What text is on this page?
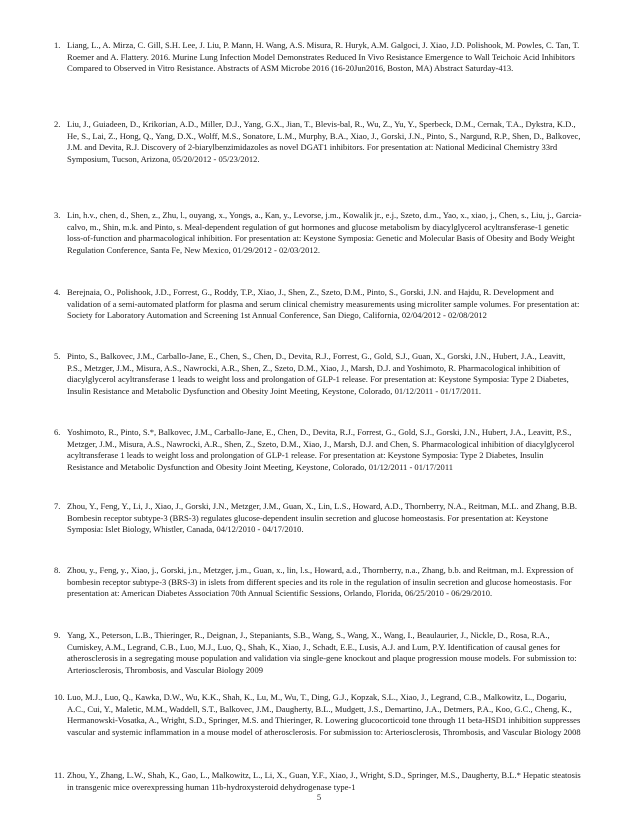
1. Liang, L., A. Mirza, C. Gill, S.H. Lee, J. Liu, P. Mann, H. Wang, A.S. Misura, R. Huryk, A.M. Galgoci, J. Xiao, J.D. Polishook, M. Powles, C. Tan, T. Roemer and A. Flattery. 2016. Murine Lung Infection Model Demonstrates Reduced In Vivo Resistance Emergence to Wall Teichoic Acid Inhibitors Compared to Observed in Vitro Resistance. Abstracts of ASM Microbe 2016 (16-20Jun2016, Boston, MA) Abstract Saturday-413.
2. Liu, J., Guiadeen, D., Krikorian, A.D., Miller, D.J., Yang, G.X., Jian, T., Blevis-bal, R., Wu, Z., Yu, Y., Sperbeck, D.M., Cernak, T.A., Dykstra, K.D., He, S., Lai, Z., Hong, Q., Yang, D.X., Wolff, M.S., Sonatore, L.M., Murphy, B.A., Xiao, J., Gorski, J.N., Pinto, S., Nargund, R.P., Shen, D., Balkovec, J.M. and Devita, R.J. Discovery of 2-biarylbenzimidazoles as novel DGAT1 inhibitors. For presentation at: National Medicinal Chemistry 33rd Symposium, Tucson, Arizona, 05/20/2012 - 05/23/2012.
3. Lin, h.v., chen, d., Shen, z., Zhu, l., ouyang, x., Yongs, a., Kan, y., Levorse, j.m., Kowalik jr., e.j., Szeto, d.m., Yao, x., xiao, j., Chen, s., Liu, j., Garcia-calvo, m., Shin, m.k. and Pinto, s. Meal-dependent regulation of gut hormones and glucose metabolism by diacylglycerol acyltransferase-1 genetic loss-of-function and pharmacological inhibition. For presentation at: Keystone Symposia: Genetic and Molecular Basis of Obesity and Body Weight Regulation Conference, Santa Fe, New Mexico, 01/29/2012 - 02/03/2012.
4. Berejnaia, O., Polishook, J.D., Forrest, G., Roddy, T.P., Xiao, J., Shen, Z., Szeto, D.M., Pinto, S., Gorski, J.N. and Hajdu, R. Development and validation of a semi-automated platform for plasma and serum clinical chemistry measurements using microliter sample volumes. For presentation at: Society for Laboratory Automation and Screening 1st Annual Conference, San Diego, California, 02/04/2012 - 02/08/2012
5. Pinto, S., Balkovec, J.M., Carballo-Jane, E., Chen, S., Chen, D., Devita, R.J., Forrest, G., Gold, S.J., Guan, X., Gorski, J.N., Hubert, J.A., Leavitt, P.S., Metzger, J.M., Misura, A.S., Nawrocki, A.R., Shen, Z., Szeto, D.M., Xiao, J., Marsh, D.J. and Yoshimoto, R. Pharmacological inhibition of diacylglycerol acyltransferase 1 leads to weight loss and prolongation of GLP-1 release. For presentation at: Keystone Symposia: Type 2 Diabetes, Insulin Resistance and Metabolic Dysfunction and Obesity Joint Meeting, Keystone, Colorado, 01/12/2011 - 01/17/2011.
6. Yoshimoto, R., Pinto, S.*, Balkovec, J.M., Carballo-Jane, E., Chen, D., Devita, R.J., Forrest, G., Gold, S.J., Gorski, J.N., Hubert, J.A., Leavitt, P.S., Metzger, J.M., Misura, A.S., Nawrocki, A.R., Shen, Z., Szeto, D.M., Xiao, J., Marsh, D.J. and Chen, S. Pharmacological inhibition of diacylglycerol acyltransferase 1 leads to weight loss and prolongation of GLP-1 release. For presentation at: Keystone Symposia: Type 2 Diabetes, Insulin Resistance and Metabolic Dysfunction and Obesity Joint Meeting, Keystone, Colorado, 01/12/2011 - 01/17/2011
7. Zhou, Y., Feng, Y., Li, J., Xiao, J., Gorski, J.N., Metzger, J.M., Guan, X., Lin, L.S., Howard, A.D., Thornberry, N.A., Reitman, M.L. and Zhang, B.B. Bombesin receptor subtype-3 (BRS-3) regulates glucose-dependent insulin secretion and glucose homeostasis. For presentation at: Keystone Symposia: Islet Biology, Whistler, Canada, 04/12/2010 - 04/17/2010.
8. Zhou, y., Feng, y., Xiao, j., Gorski, j.n., Metzger, j.m., Guan, x., lin, l.s., Howard, a.d., Thornberry, n.a., Zhang, b.b. and Reitman, m.l. Expression of bombesin receptor subtype-3 (BRS-3) in islets from different species and its role in the regulation of insulin secretion and glucose homeostasis. For presentation at: American Diabetes Association 70th Annual Scientific Sessions, Orlando, Florida, 06/25/2010 - 06/29/2010.
9. Yang, X., Peterson, L.B., Thieringer, R., Deignan, J., Stepaniants, S.B., Wang, S., Wang, X., Wang, I., Beaulaurier, J., Nickle, D., Rosa, R.A., Cumiskey, A.M., Legrand, C.B., Luo, M.J., Luo, Q., Shah, K., Xiao, J., Schadt, E.E., Lusis, A.J. and Lum, P.Y. Identification of causal genes for atherosclerosis in a segregating mouse population and validation via single-gene knockout and plaque progression mouse models. For submission to: Arteriosclerosis, Thrombosis, and Vascular Biology 2009
10. Luo, M.J., Luo, Q., Kawka, D.W., Wu, K.K., Shah, K., Lu, M., Wu, T., Ding, G.J., Kopzak, S.L., Xiao, J., Legrand, C.B., Malkowitz, L., Dogariu, A.C., Cui, Y., Maletic, M.M., Waddell, S.T., Balkovec, J.M., Daugherty, B.L., Mudgett, J.S., Demartino, J.A., Detmers, P.A., Koo, G.C., Cheng, K., Hermanowski-Vosatka, A., Wright, S.D., Springer, M.S. and Thieringer, R. Lowering glucocorticoid tone through 11 beta-HSD1 inhibition suppresses vascular and systemic inflammation in a mouse model of atherosclerosis. For submission to: Arteriosclerosis, Thrombosis, and Vascular Biology 2008
11. Zhou, Y., Zhang, L.W., Shah, K., Gao, L., Malkowitz, L., Li, X., Guan, Y.F., Xiao, J., Wright, S.D., Springer, M.S., Daugherty, B.L.* Hepatic steatosis in transgenic mice overexpressing human 11b-hydroxysteroid dehydrogenase type-1
5
